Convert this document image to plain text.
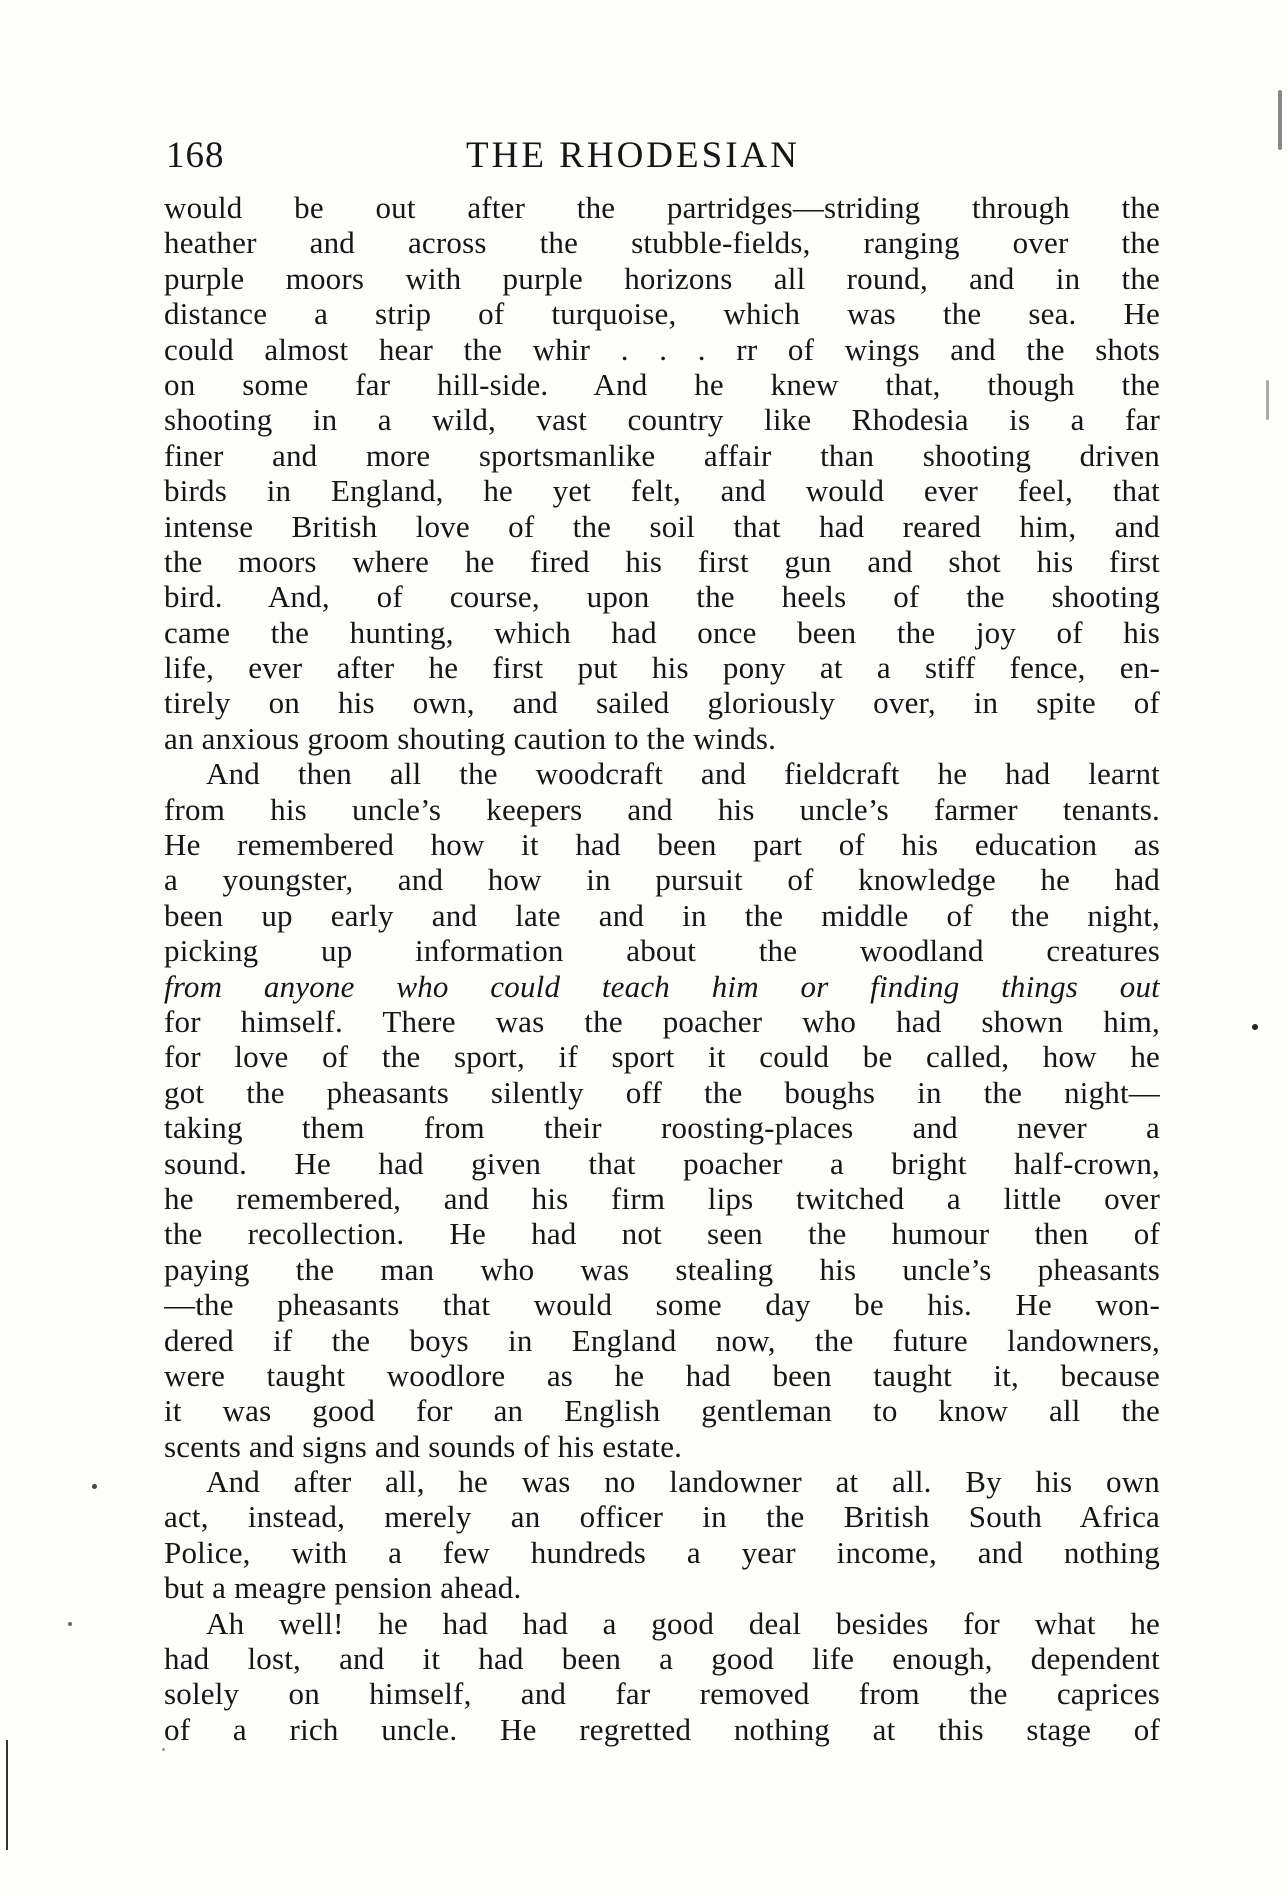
168	THE RHODESIAN
would be out after the partridges—striding through the
heather and across the stubble-fields, ranging over the
purple moors with purple horizons all round, and in the
distance a strip of turquoise, which was the sea. He
could almost hear the whir . . . rr of wings and the shots
on some far hill-side. And he knew that, though the
shooting in a wild, vast country like Rhodesia is a far
finer and more sportsmanlike affair than shooting driven
birds in England, he yet felt, and would ever feel, that
intense British love of the soil that had reared him, and
the moors where he fired his first gun and shot his first
bird. And, of course, upon the heels of the shooting
came the hunting, which had once been the joy of his
life, ever after he first put his pony at a stiff fence, en-
tirely on his own, and sailed gloriously over, in spite of
an anxious groom shouting caution to the winds.
And then all the woodcraft and fieldcraft he had learnt
from his uncle’s keepers and his uncle’s farmer tenants.
He remembered how it had been part of his education as
a youngster, and how in pursuit of knowledge he had
been up early and late and in the middle of the night,
picking up information about the woodland creatures
from anyone who could teach him or finding things out
for himself. There was the poacher who had shown him,
for love of the sport, if sport it could be called, how he
got the pheasants silently off the boughs in the night—
taking them from their roosting-places and never a
sound. He had given that poacher a bright half-crown,
he remembered, and his firm lips twitched a little over
the recollection. He had not seen the humour then of
paying the man who was stealing his uncle’s pheasants
—the pheasants that would some day be his. He won-
dered if the boys in England now, the future landowners,
were taught woodlore as he had been taught it, because
it was good for an English gentleman to know all the
scents and signs and sounds of his estate.
And after all, he was no landowner at all. By his own
act, instead, merely an officer in the British South Africa
Police, with a few hundreds a year income, and nothing
but a meagre pension ahead.
Ah well! he had had a good deal besides for what he
had lost, and it had been a good life enough, dependent
solely on himself, and far removed from the caprices
of a rich uncle. He regretted nothing at this stage of
